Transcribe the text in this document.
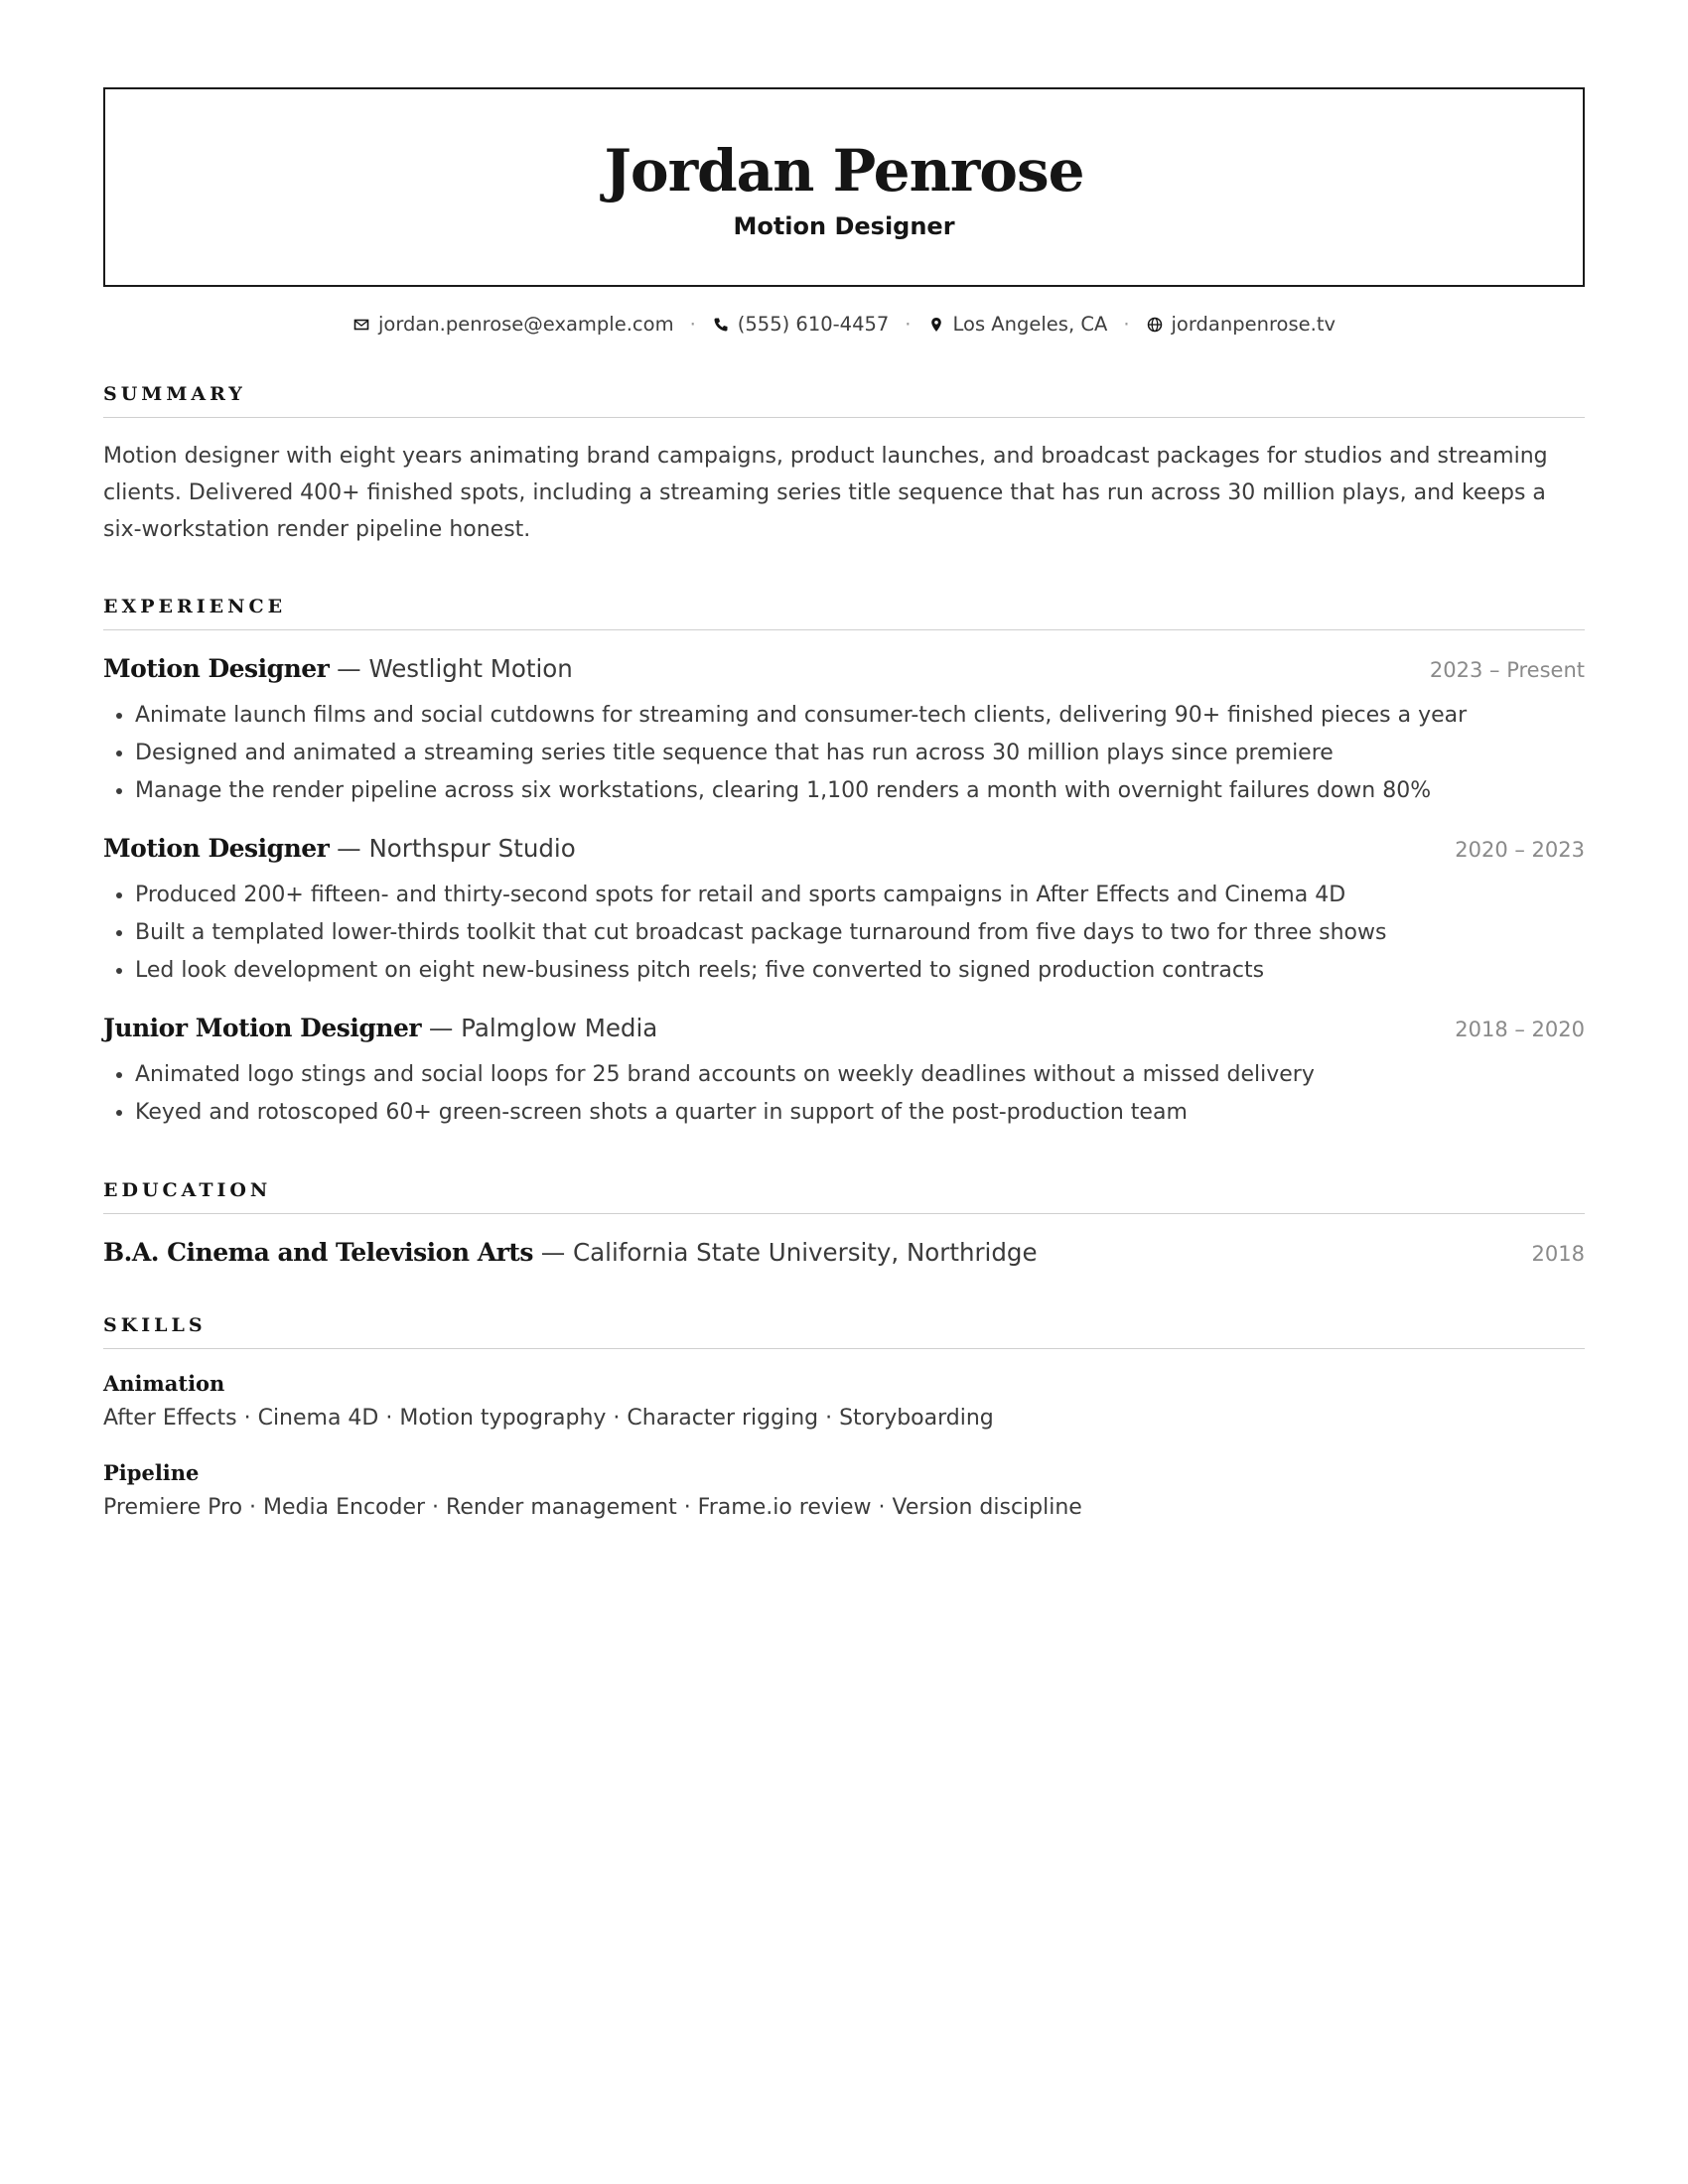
Jordan Penrose
Motion Designer
jordan.penrose@example.com · (555) 610-4457 · Los Angeles, CA · jordanpenrose.tv
SUMMARY
Motion designer with eight years animating brand campaigns, product launches, and broadcast packages for studios and streaming clients. Delivered 400+ finished spots, including a streaming series title sequence that has run across 30 million plays, and keeps a six-workstation render pipeline honest.
EXPERIENCE
Motion Designer — Westlight Motion	2023 – Present
• Animate launch films and social cutdowns for streaming and consumer-tech clients, delivering 90+ finished pieces a year
• Designed and animated a streaming series title sequence that has run across 30 million plays since premiere
• Manage the render pipeline across six workstations, clearing 1,100 renders a month with overnight failures down 80%
Motion Designer — Northspur Studio	2020 – 2023
• Produced 200+ fifteen- and thirty-second spots for retail and sports campaigns in After Effects and Cinema 4D
• Built a templated lower-thirds toolkit that cut broadcast package turnaround from five days to two for three shows
• Led look development on eight new-business pitch reels; five converted to signed production contracts
Junior Motion Designer — Palmglow Media	2018 – 2020
• Animated logo stings and social loops for 25 brand accounts on weekly deadlines without a missed delivery
• Keyed and rotoscoped 60+ green-screen shots a quarter in support of the post-production team
EDUCATION
B.A. Cinema and Television Arts — California State University, Northridge	2018
SKILLS
Animation
After Effects · Cinema 4D · Motion typography · Character rigging · Storyboarding
Pipeline
Premiere Pro · Media Encoder · Render management · Frame.io review · Version discipline
